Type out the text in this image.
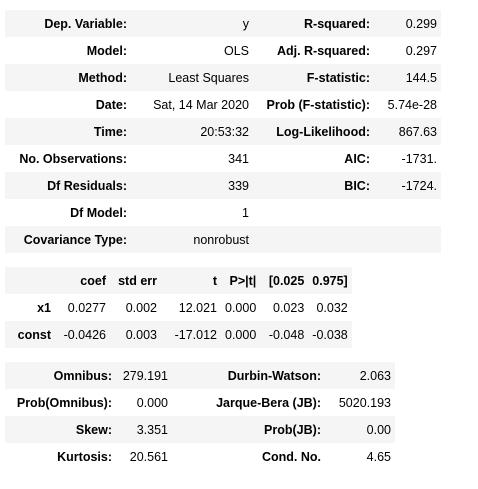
Dep. Variable:	y	R-squared:	0.299
Model:	OLS	Adj. R-squared:	0.297
Method:	Least Squares	F-statistic:	144.5
Date:	Sat, 14 Mar 2020	Prob (F-statistic):	5.74e-28
Time:	20:53:32	Log-Likelihood:	867.63
No. Observations:	341	AIC:	-1731.
Df Residuals:	339	BIC:	-1724.
Df Model:	1		
Covariance Type:	nonrobust		
	coef	std err	t	P>|t|	[0.025	0.975]
x1	0.0277	0.002	12.021	0.000	0.023	0.032
const	-0.0426	0.003	-17.012	0.000	-0.048	-0.038
Omnibus:	279.191	Durbin-Watson:	2.063
Prob(Omnibus):	0.000	Jarque-Bera (JB):	5020.193
Skew:	3.351	Prob(JB):	0.00
Kurtosis:	20.561	Cond. No.	4.65
